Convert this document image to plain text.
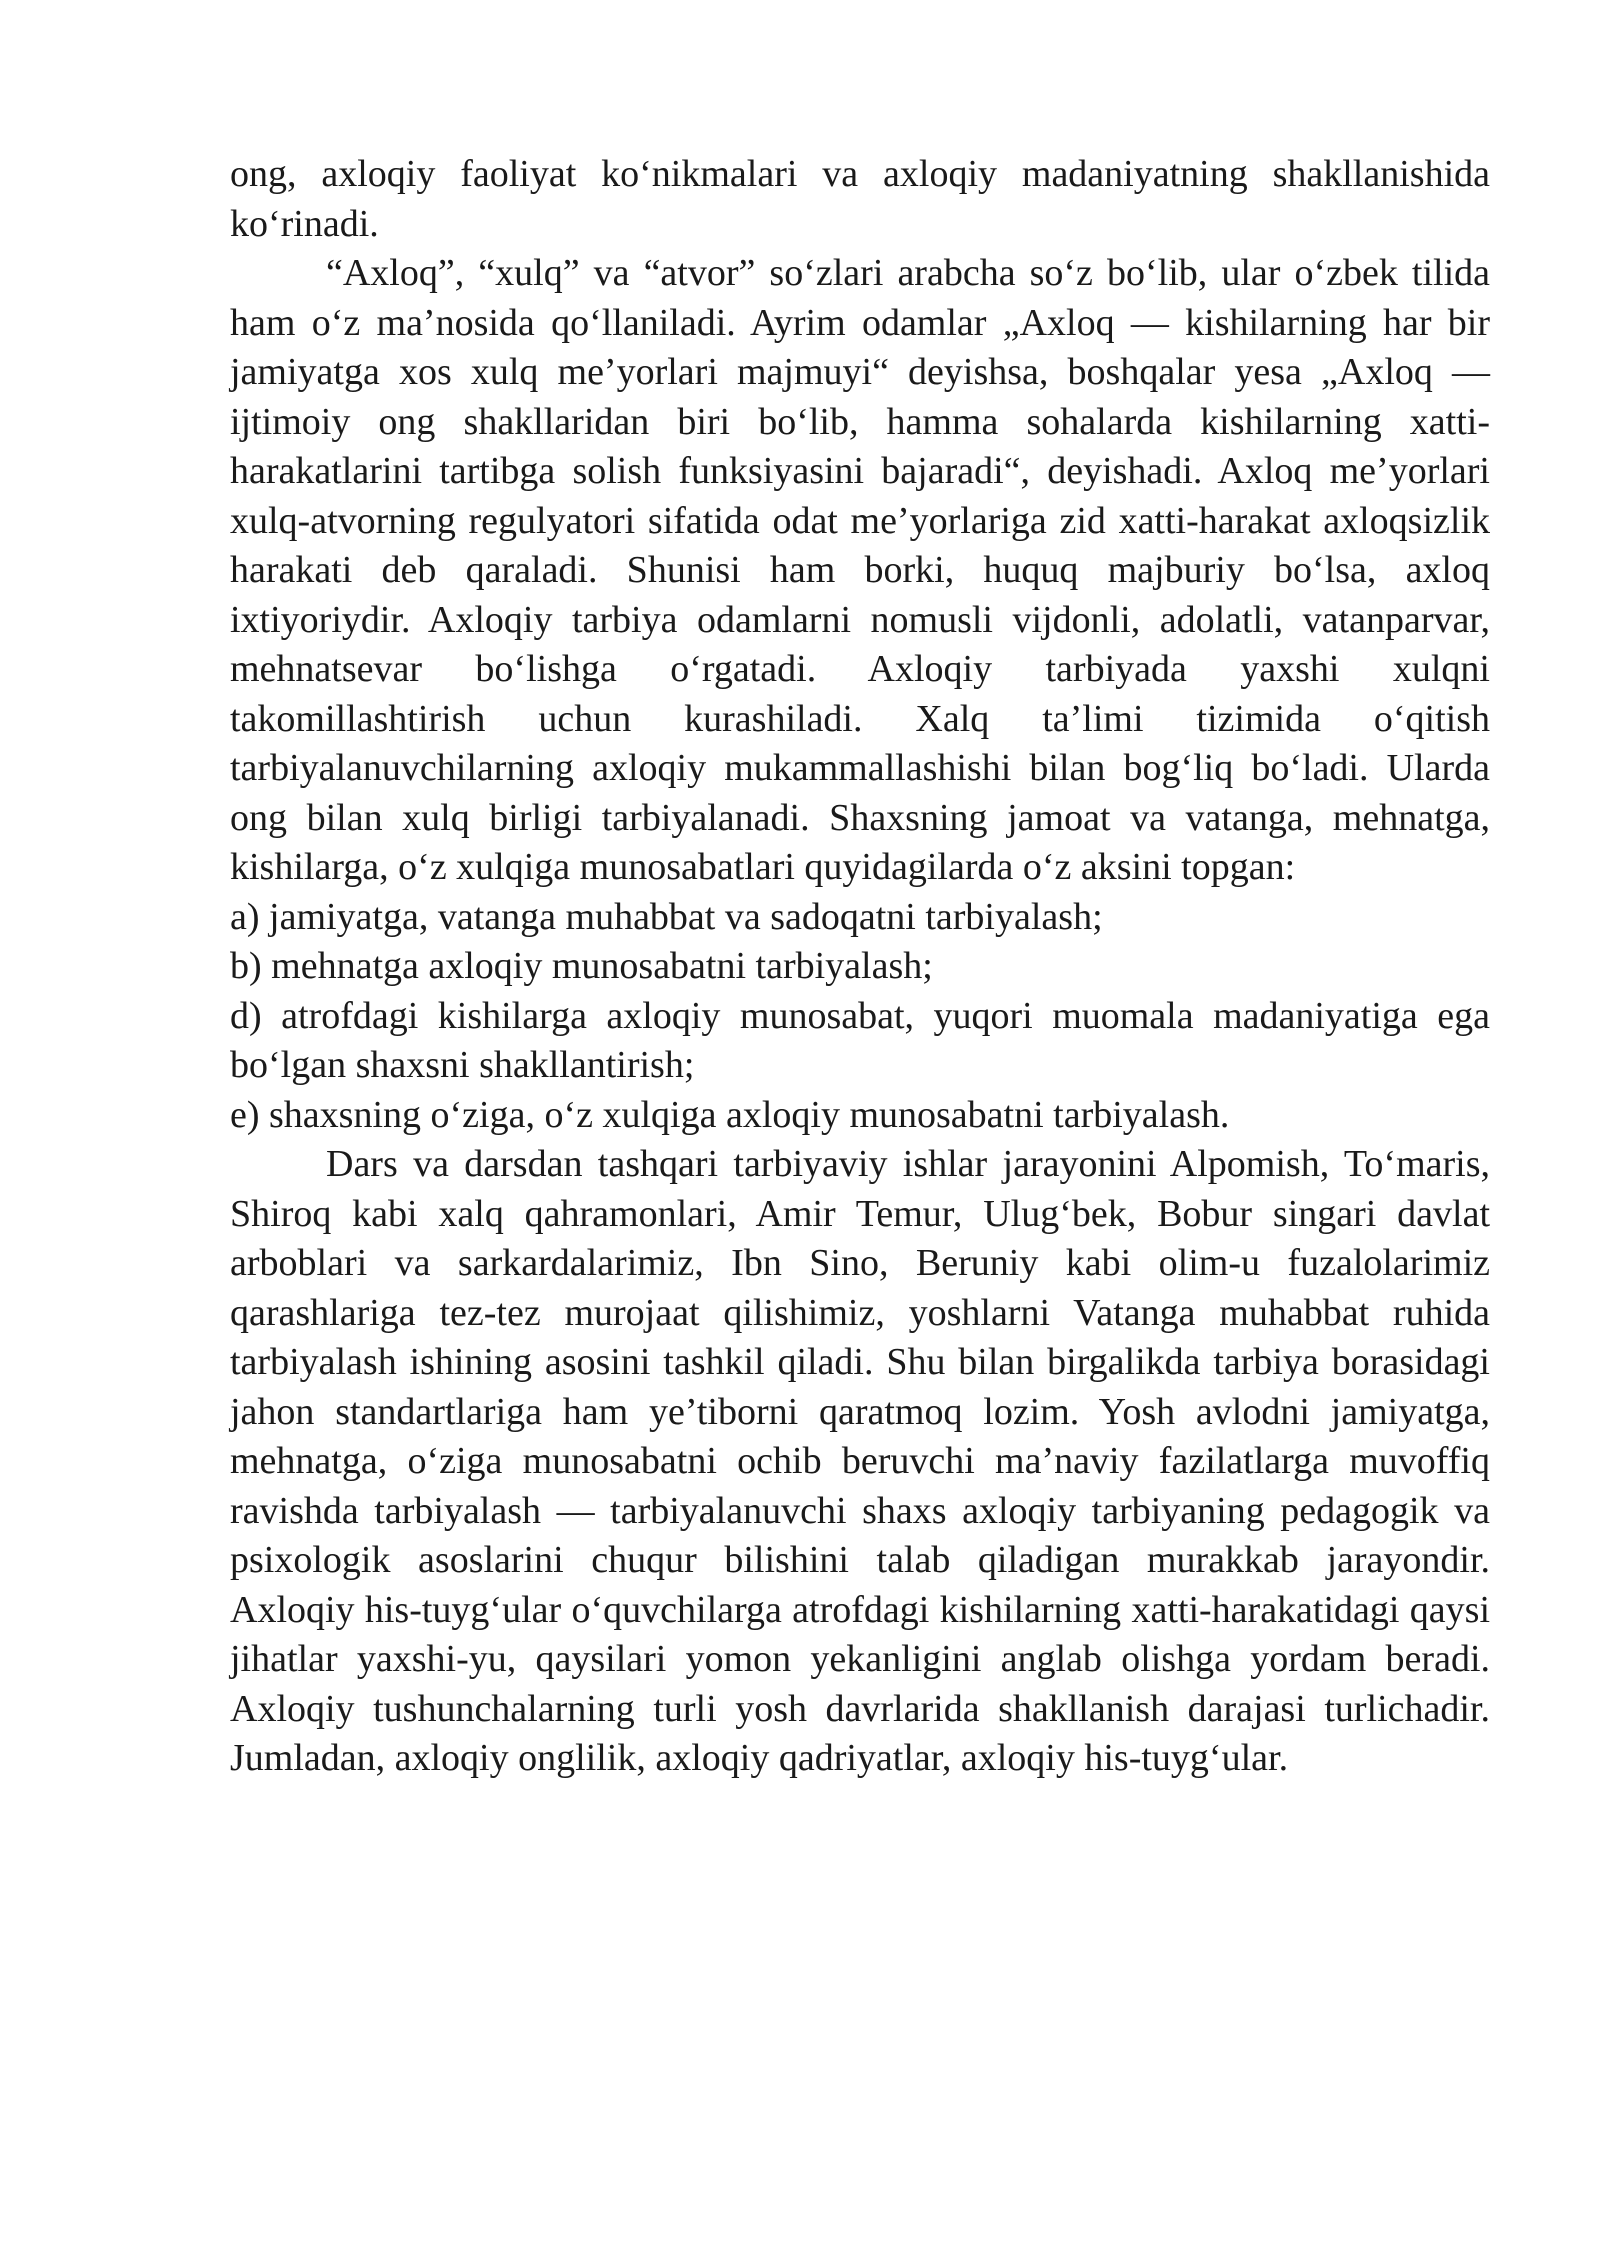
ong, axloqiy faoliyat ko‘nikmalari va axloqiy madaniyatning shakllanishida ko‘rinadi.

“Axloq”, “xulq” va “atvor” so‘zlari arabcha so‘z bo‘lib, ular o‘zbek tilida ham o‘z ma’nosida qo‘llaniladi. Ayrim odamlar „Axloq — kishilarning har bir jamiyatga xos xulq me’yorlari majmuyi“ deyishsa, boshqalar yesa „Axloq — ijtimoiy ong shakllaridan biri bo‘lib, hamma sohalarda kishilarning xatti-harakatlarini tartibga solish funksiyasini bajaradi“, deyishadi. Axloq me’yorlari xulq-atvorning regulyatori sifatida odat me’yorlariga zid xatti-harakat axloqsizlik harakati deb qaraladi. Shunisi ham borki, huquq majburiy bo‘lsa, axloq ixtiyoriydir. Axloqiy tarbiya odamlarni nomusli vijdonli, adolatli, vatanparvar, mehnatsevar bo‘lishga o‘rgatadi. Axloqiy tarbiyada yaxshi xulqni takomillashtirish uchun kurashiladi. Xalq ta’limi tizimida o‘qitish tarbiyalanuvchilarning axloqiy mukammallashishi bilan bog‘liq bo‘ladi. Ularda ong bilan xulq birligi tarbiyalanadi. Shaxsning jamoat va vatanga, mehnatga, kishilarga, o‘z xulqiga munosabatlari quyidagilarda o‘z aksini topgan:

a) jamiyatga, vatanga muhabbat va sadoqatni tarbiyalash;

b) mehnatga axloqiy munosabatni tarbiyalash;

d) atrofdagi kishilarga axloqiy munosabat, yuqori muomala madaniyatiga ega bo‘lgan shaxsni shakllantirish;

e) shaxsning o‘ziga, o‘z xulqiga axloqiy munosabatni tarbiyalash.

Dars va darsdan tashqari tarbiyaviy ishlar jarayonini Alpomish, To‘maris, Shiroq kabi xalq qahramonlari, Amir Temur, Ulug‘bek, Bobur singari davlat arboblari va sarkardalarimiz, Ibn Sino, Beruniy kabi olim-u fuzalolarimiz qarashlariga tez-tez murojaat qilishimiz, yoshlarni Vatanga muhabbat ruhida tarbiyalash ishining asosini tashkil qiladi. Shu bilan birgalikda tarbiya borasidagi jahon standartlariga ham ye’tiborni qaratmoq lozim. Yosh avlodni jamiyatga, mehnatga, o‘ziga munosabatni ochib beruvchi ma’naviy fazilatlarga muvoffiq ravishda tarbiyalash — tarbiyalanuvchi shaxs axloqiy tarbiyaning pedagogik va psixologik asoslarini chuqur bilishini talab qiladigan murakkab jarayondir. Axloqiy his-tuyg‘ular o‘quvchilarga atrofdagi kishilarning xatti-harakatidagi qaysi jihatlar yaxshi-yu, qaysilari yomon yekanligini anglab olishga yordam beradi. Axloqiy tushunchalarning turli yosh davrlarida shakllanish darajasi turlichadir. Jumladan, axloqiy onglilik, axloqiy qadriyatlar, axloqiy his-tuyg‘ular.
